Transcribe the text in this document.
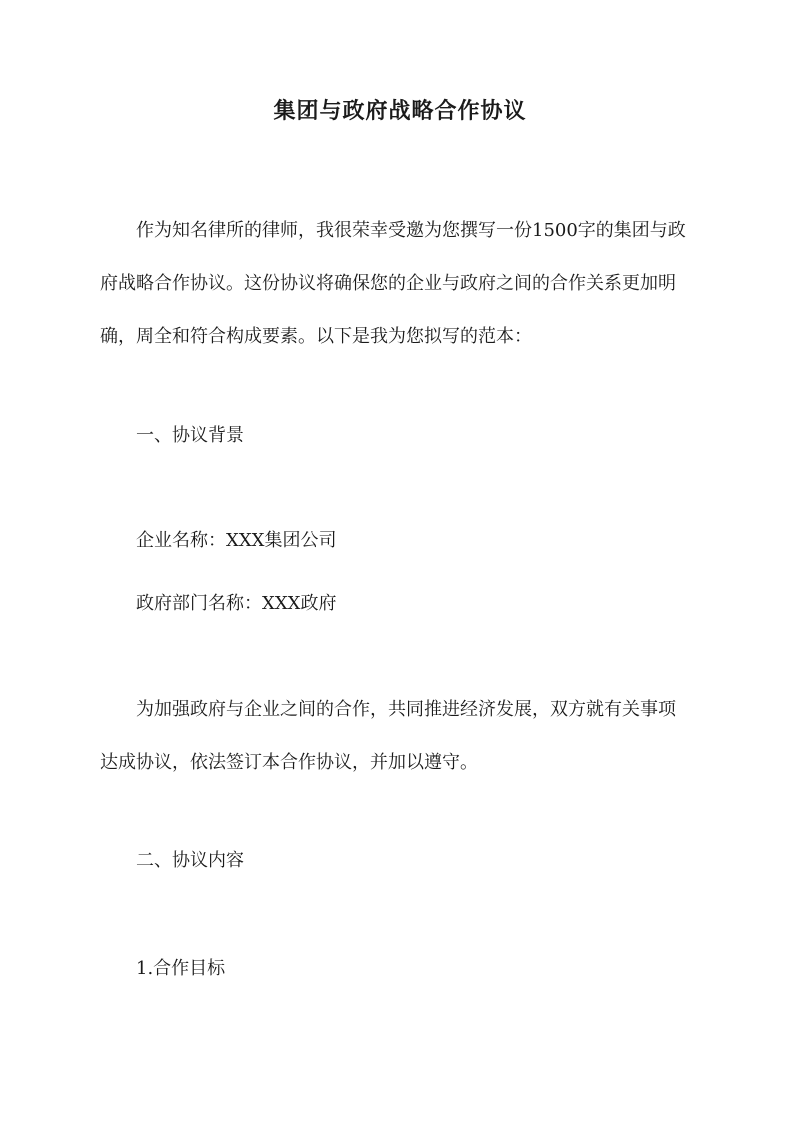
集团与政府战略合作协议
作为知名律所的律师，我很荣幸受邀为您撰写一份1500字的集团与政
府战略合作协议。这份协议将确保您的企业与政府之间的合作关系更加明
确，周全和符合构成要素。以下是我为您拟写的范本：
一、协议背景
企业名称：XXX集团公司
政府部门名称：XXX政府
为加强政府与企业之间的合作，共同推进经济发展，双方就有关事项
达成协议，依法签订本合作协议，并加以遵守。
二、协议内容
1.合作目标
